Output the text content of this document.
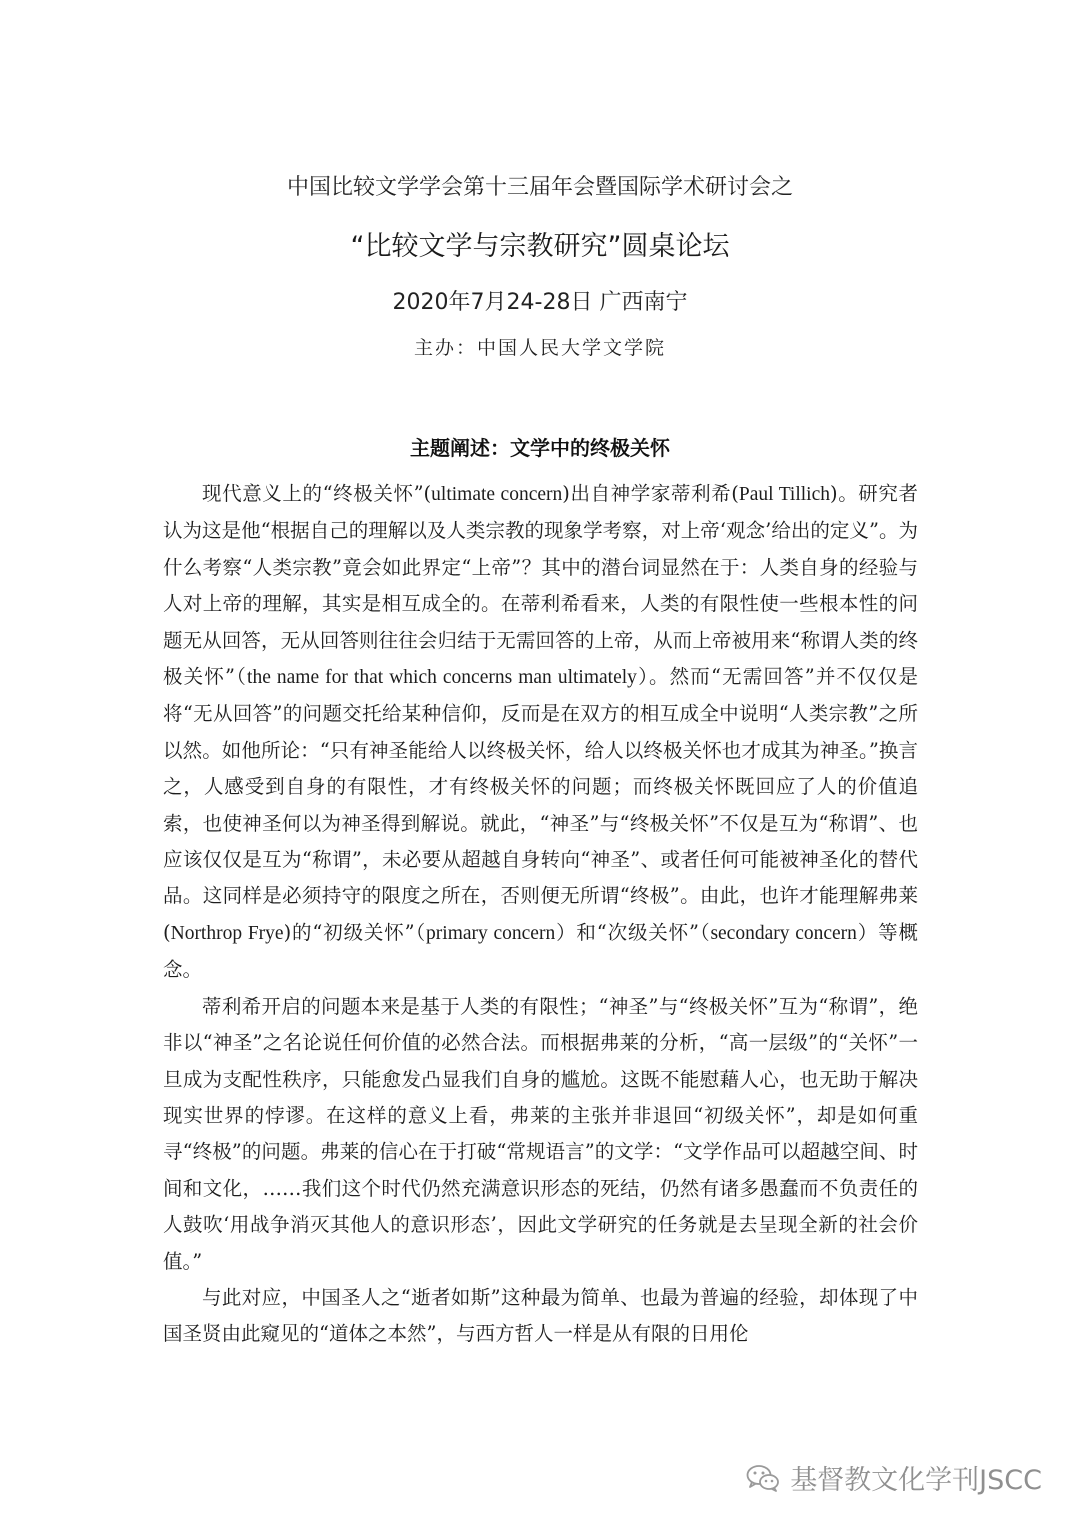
中国比较文学学会第十三届年会暨国际学术研讨会之
“比较文学与宗教研究”圆桌论坛
2020年7月24-28日 广西南宁
主办：中国人民大学文学院
主题阐述：文学中的终极关怀

现代意义上的“终极关怀”(ultimate concern)出自神学家蒂利希(Paul Tillich)。研究者认为这是他“根据自己的理解以及人类宗教的现象学考察，对上帝‘观念’给出的定义”。为什么考察“人类宗教”竟会如此界定“上帝”？其中的潜台词显然在于：人类自身的经验与人对上帝的理解，其实是相互成全的。在蒂利希看来，人类的有限性使一些根本性的问题无从回答，无从回答则往往会归结于无需回答的上帝，从而上帝被用来“称谓人类的终极关怀”（the name for that which concerns man ultimately）。然而“无需回答”并不仅仅是将“无从回答”的问题交托给某种信仰，反而是在双方的相互成全中说明“人类宗教”之所以然。如他所论：“只有神圣能给人以终极关怀，给人以终极关怀也才成其为神圣。”换言之，人感受到自身的有限性，才有终极关怀的问题；而终极关怀既回应了人的价值追索，也使神圣何以为神圣得到解说。就此，“神圣”与“终极关怀”不仅是互为“称谓”、也应该仅仅是互为“称谓”，未必要从超越自身转向“神圣”、或者任何可能被神圣化的替代品。这同样是必须持守的限度之所在，否则便无所谓“终极”。由此，也许才能理解弗莱(Northrop Frye)的“初级关怀”（primary concern）和“次级关怀”（secondary concern）等概念。

蒂利希开启的问题本来是基于人类的有限性；“神圣”与“终极关怀”互为“称谓”，绝非以“神圣”之名论说任何价值的必然合法。而根据弗莱的分析，“高一层级”的“关怀”一旦成为支配性秩序，只能愈发凸显我们自身的尴尬。这既不能慰藉人心，也无助于解决现实世界的悖谬。在这样的意义上看，弗莱的主张并非退回“初级关怀”，却是如何重寻“终极”的问题。弗莱的信心在于打破“常规语言”的文学：“文学作品可以超越空间、时间和文化，……我们这个时代仍然充满意识形态的死结，仍然有诸多愚蠢而不负责任的人鼓吹‘用战争消灭其他人的意识形态’，因此文学研究的任务就是去呈现全新的社会价值。”

与此对应，中国圣人之“逝者如斯”这种最为简单、也最为普遍的经验，却体现了中国圣贤由此窥见的“道体之本然”，与西方哲人一样是从有限的日用伦

基督教文化学刊JSCC
